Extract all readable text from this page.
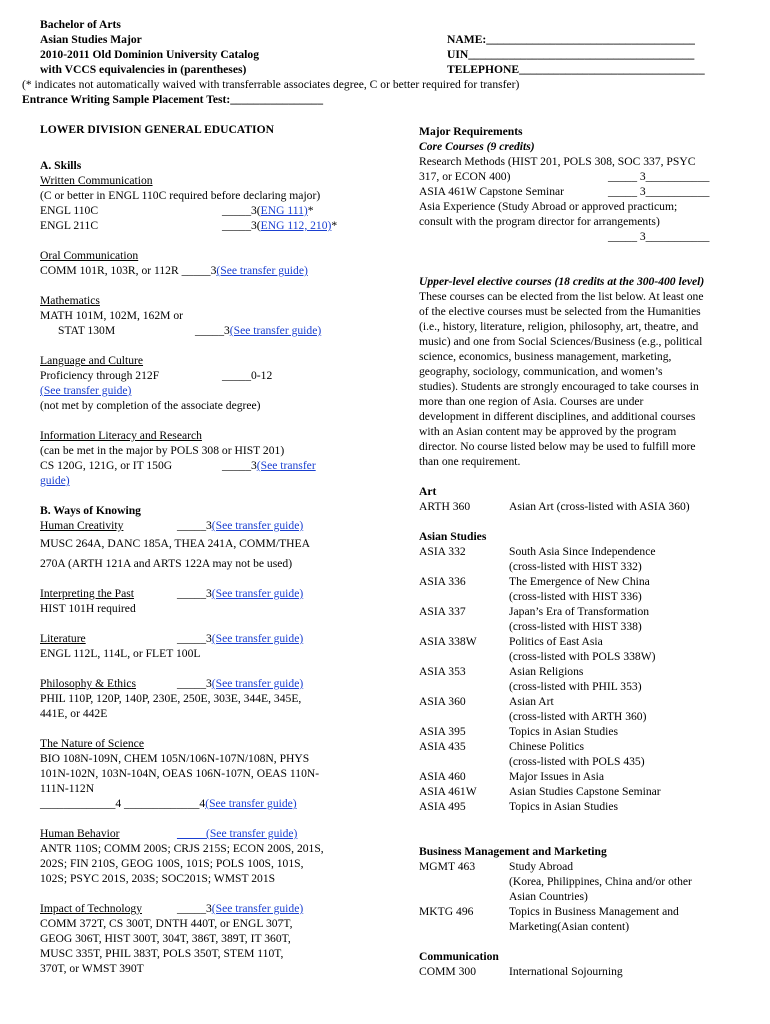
Bachelor of Arts
Asian Studies Major
2010-2011 Old Dominion University Catalog
with VCCS equivalencies in (parentheses)
NAME:____________________________________
UIN_______________________________________
TELEPHONE________________________________
(* indicates not automatically waived with transferrable associates degree, C or better required for transfer)
Entrance Writing Sample Placement Test:________________
LOWER DIVISION GENERAL EDUCATION
A. Skills
Written Communication
(C or better in ENGL 110C required before declaring major)
ENGL 110C	_____3( ENG 111) *
ENGL 211C	_____3( ENG 112, 210) *
Oral Communication
COMM 101R, 103R, or 112R _____3 (See transfer guide)
Mathematics
MATH 101M, 102M, 162M or
STAT 130M	_____3 (See transfer guide)
Language and Culture
Proficiency through 212F	_____0-12
(See transfer guide)
(not met by completion of the associate degree)
Information Literacy and Research
(can be met in the major by POLS 308 or HIST 201)
CS 120G, 121G, or IT 150G	_____3 (See transfer
guide)
B. Ways of Knowing
Human Creativity	_____3 (See transfer guide)
MUSC 264A, DANC 185A, THEA 241A, COMM/THEA
270A (ARTH 121A and ARTS 122A may not be used)
Interpreting the Past	_____3 (See transfer guide)
HIST 101H required
Literature	_____3 (See transfer guide)
ENGL 112L, 114L, or FLET 100L
Philosophy & Ethics	_____3 (See transfer guide)
PHIL 110P, 120P, 140P, 230E, 250E, 303E, 344E, 345E,
441E, or 442E
The Nature of Science
BIO 108N-109N, CHEM 105N/106N-107N/108N, PHYS
101N-102N, 103N-104N, OEAS 106N-107N, OEAS 110N-
111N-112N
_____________4 _____________4 (See transfer guide)
Human Behavior	_____ (See transfer guide)
ANTR 110S; COMM 200S; CRJS 215S; ECON 200S, 201S,
202S; FIN 210S, GEOG 100S, 101S; POLS 100S, 101S,
102S; PSYC 201S, 203S; SOC201S; WMST 201S
Impact of Technology	_____3 (See transfer guide)
COMM 372T, CS 300T, DNTH 440T, or ENGL 307T,
GEOG 306T, HIST 300T, 304T, 386T, 389T, IT 360T,
MUSC 335T, PHIL 383T, POLS 350T, STEM 110T,
370T, or WMST 390T
Major Requirements
Core Courses (9 credits)
Research Methods (HIST 201, POLS 308, SOC 337, PSYC
317, or ECON 400)	_____ 3___________
ASIA 461W Capstone Seminar	_____ 3___________
Asia Experience (Study Abroad or approved practicum;
consult with the program director for arrangements)
_____ 3___________
Upper-level elective courses (18 credits at the 300-400 level)
These courses can be elected from the list below. At least one
of the elective courses must be selected from the Humanities
(i.e., history, literature, religion, philosophy, art, theatre, and
music) and one from Social Sciences/Business (e.g., political
science, economics, business management, marketing,
geography, sociology, communication, and women’s
studies). Students are strongly encouraged to take courses in
more than one region of Asia. Courses are under
development in different disciplines, and additional courses
with an Asian content may be approved by the program
director. No course listed below may be used to fulfill more
than one requirement.
Art
ARTH 360	Asian Art (cross-listed with ASIA 360)
Asian Studies
ASIA 332	South Asia Since Independence
(cross-listed with HIST 332)
ASIA 336	The Emergence of New China
(cross-listed with HIST 336)
ASIA 337	Japan’s Era of Transformation
(cross-listed with HIST 338)
ASIA 338W	Politics of East Asia
(cross-listed with POLS 338W)
ASIA 353	Asian Religions
(cross-listed with PHIL 353)
ASIA 360	Asian Art
(cross-listed with ARTH 360)
ASIA 395	Topics in Asian Studies
ASIA 435	Chinese Politics
(cross-listed with POLS 435)
ASIA 460	Major Issues in Asia
ASIA 461W	Asian Studies Capstone Seminar
ASIA 495	Topics in Asian Studies
Business Management and Marketing
MGMT 463	Study Abroad
(Korea, Philippines, China and/or other
Asian Countries)
MKTG 496	Topics in Business Management and
Marketing(Asian content)
Communication
COMM 300	International Sojourning
